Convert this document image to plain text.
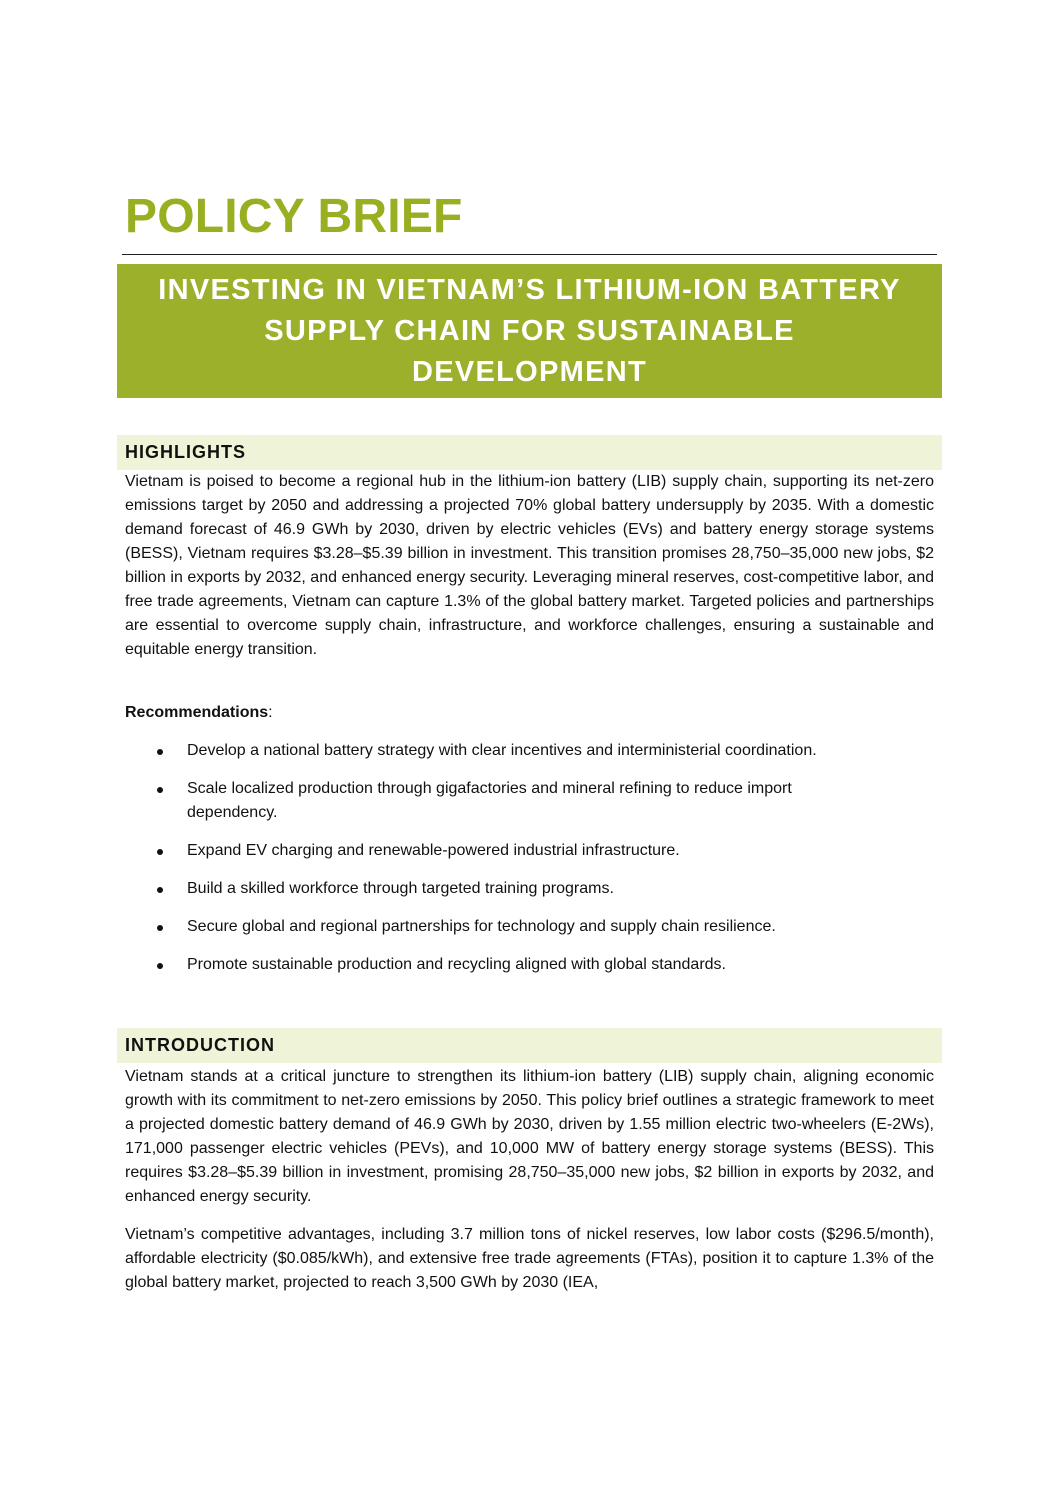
POLICY BRIEF

INVESTING IN VIETNAM’S LITHIUM-ION BATTERY

SUPPLY CHAIN FOR SUSTAINABLE

DEVELOPMENT

HIGHLIGHTS

Vietnam is poised to become a regional hub in the lithium-ion battery (LIB) supply chain, supporting its net-zero emissions target by 2050 and addressing a projected 70% global battery undersupply by 2035. With a domestic demand forecast of 46.9 GWh by 2030, driven by electric vehicles (EVs) and battery energy storage systems (BESS), Vietnam requires $3.28–$5.39 billion in investment. This transition promises 28,750–35,000 new jobs, $2 billion in exports by 2032, and enhanced energy security. Leveraging mineral reserves, cost-competitive labor, and free trade agreements, Vietnam can capture 1.3% of the global battery market. Targeted policies and partnerships are essential to overcome supply chain, infrastructure, and workforce challenges, ensuring a sustainable and equitable energy transition.

Recommendations:

Develop a national battery strategy with clear incentives and interministerial coordination.
Scale localized production through gigafactories and mineral refining to reduce import dependency.
Expand EV charging and renewable-powered industrial infrastructure.
Build a skilled workforce through targeted training programs.
Secure global and regional partnerships for technology and supply chain resilience.
Promote sustainable production and recycling aligned with global standards.
INTRODUCTION

Vietnam stands at a critical juncture to strengthen its lithium-ion battery (LIB) supply chain, aligning economic growth with its commitment to net-zero emissions by 2050. This policy brief outlines a strategic framework to meet a projected domestic battery demand of 46.9 GWh by 2030, driven by 1.55 million electric two-wheelers (E-2Ws), 171,000 passenger electric vehicles (PEVs), and 10,000 MW of battery energy storage systems (BESS). This requires $3.28–$5.39 billion in investment, promising 28,750–35,000 new jobs, $2 billion in exports by 2032, and enhanced energy security.

Vietnam’s competitive advantages, including 3.7 million tons of nickel reserves, low labor costs ($296.5/month), affordable electricity ($0.085/kWh), and extensive free trade agreements (FTAs), position it to capture 1.3% of the global battery market, projected to reach 3,500 GWh by 2030 (IEA,
